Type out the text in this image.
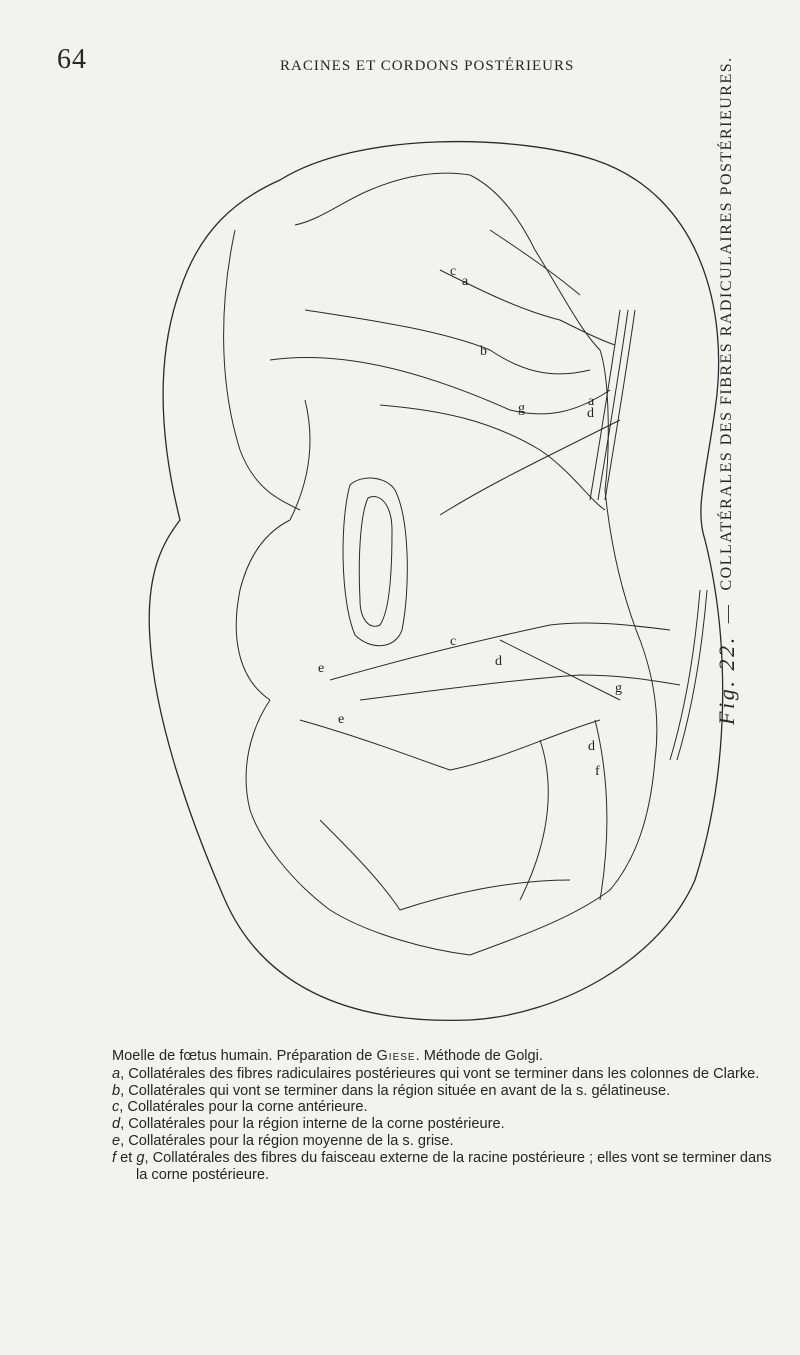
64	RACINES ET CORDONS POSTÉRIEURS
Fig. 22.
—
COLLATÉRALES DES FIBRES RADICULAIRES POSTÉRIEURES.
a
a
b
c
c
d
d
d
e
e
f
g
g

Moelle de fœtus humain. Préparation de Giese. Méthode de Golgi.

a, Collatérales des fibres radiculaires postérieures qui vont se terminer dans les colonnes de Clarke.

b, Collatérales qui vont se terminer dans la région située en avant de la s. gélatineuse.

c, Collatérales pour la corne antérieure.

d, Collatérales pour la région interne de la corne postérieure.

e, Collatérales pour la région moyenne de la s. grise.

f et g, Collatérales des fibres du faisceau externe de la racine postérieure ; elles vont se terminer dans la corne postérieure.
